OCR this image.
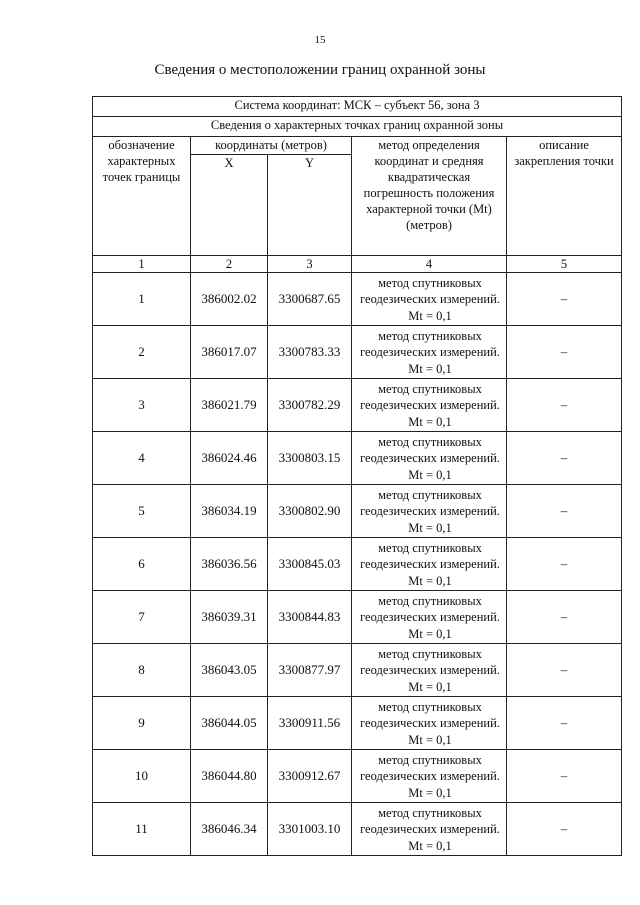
15
Сведения о местоположении границ охранной зоны
Система координат: МСК – субъект 56, зона 3				
Сведения о характерных точках границ охранной зоны				
обозначение характерных точек границы	координаты (метров)		метод определения координат и средняя квадратическая погрешность положения характерной точки (Mt) (метров)	описание закрепления точки
	X	Y		
1	2	3	4	5
1	386002.02	3300687.65	метод спутниковых геодезических измерений. Mt = 0,1	–
2	386017.07	3300783.33	метод спутниковых геодезических измерений. Mt = 0,1	–
3	386021.79	3300782.29	метод спутниковых геодезических измерений. Mt = 0,1	–
4	386024.46	3300803.15	метод спутниковых геодезических измерений. Mt = 0,1	–
5	386034.19	3300802.90	метод спутниковых геодезических измерений. Mt = 0,1	–
6	386036.56	3300845.03	метод спутниковых геодезических измерений. Mt = 0,1	–
7	386039.31	3300844.83	метод спутниковых геодезических измерений. Mt = 0,1	–
8	386043.05	3300877.97	метод спутниковых геодезических измерений. Mt = 0,1	–
9	386044.05	3300911.56	метод спутниковых геодезических измерений. Mt = 0,1	–
10	386044.80	3300912.67	метод спутниковых геодезических измерений. Mt = 0,1	–
11	386046.34	3301003.10	метод спутниковых геодезических измерений. Mt = 0,1	–
